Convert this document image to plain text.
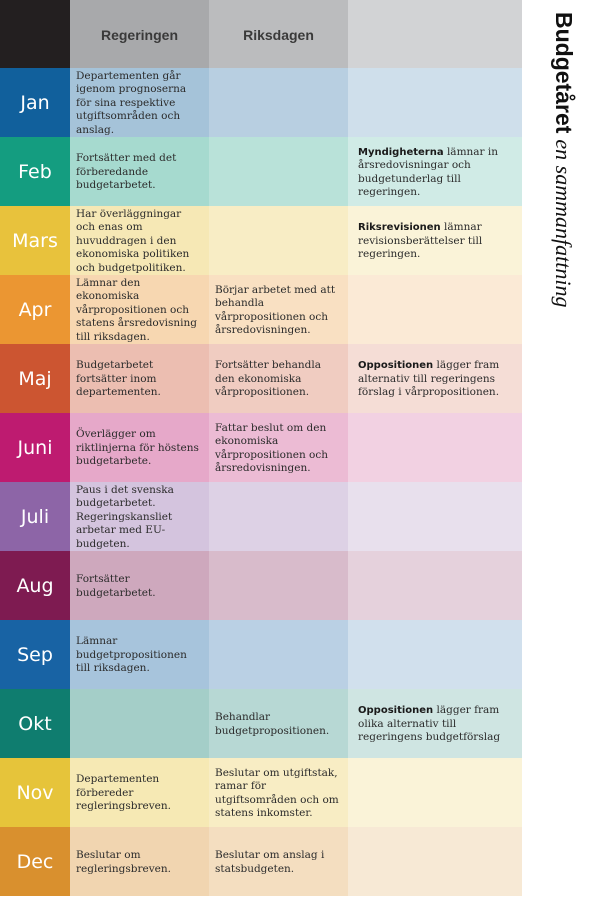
Regeringen	Riksdagen
Jan

Departementen går igenom prognoserna för sina respektive utgiftsområden och anslag.

Feb

Fortsätter med det förberedande budgetarbetet.

Myndigheterna lämnar in årsredovisningar och budgetunderlag till regeringen.

Mars

Har överläggningar och enas om huvuddragen i den ekonomiska politiken och budgetpolitiken.

Riksrevisionen lämnar revisionsberättelser till regeringen.

Apr

Lämnar den ekonomiska vårpropositionen och statens årsredovisning till riksdagen.

Börjar arbetet med att behandla vårpropositionen och årsredovisningen.

Maj

Budgetarbetet fortsätter inom departementen.

Fortsätter behandla den ekonomiska vårpropositionen.

Oppositionen lägger fram alternativ till regeringens förslag i vårpropositionen.

Juni

Överlägger om riktlinjerna för höstens budgetarbete.

Fattar beslut om den ekonomiska vårpropositionen och årsredovisningen.

Juli

Paus i det svenska budgetarbetet. Regeringskansliet arbetar med EU-budgeten.

Aug Fortsätter budgetarbetet.

Sep

Lämnar budgetpropositionen till riksdagen.

Okt	Behandlar budgetpropositionen.

Oppositionen lägger fram olika alternativ till regeringens budgetförslag

Nov

Departementen förbereder regleringsbreven.

Beslutar om utgiftstak, ramar för utgiftsområden och om statens inkomster.

Dec Beslutar om regleringsbreven.

Beslutar om anslag i statsbudgeten.

Budgetåreten sammanfattning
